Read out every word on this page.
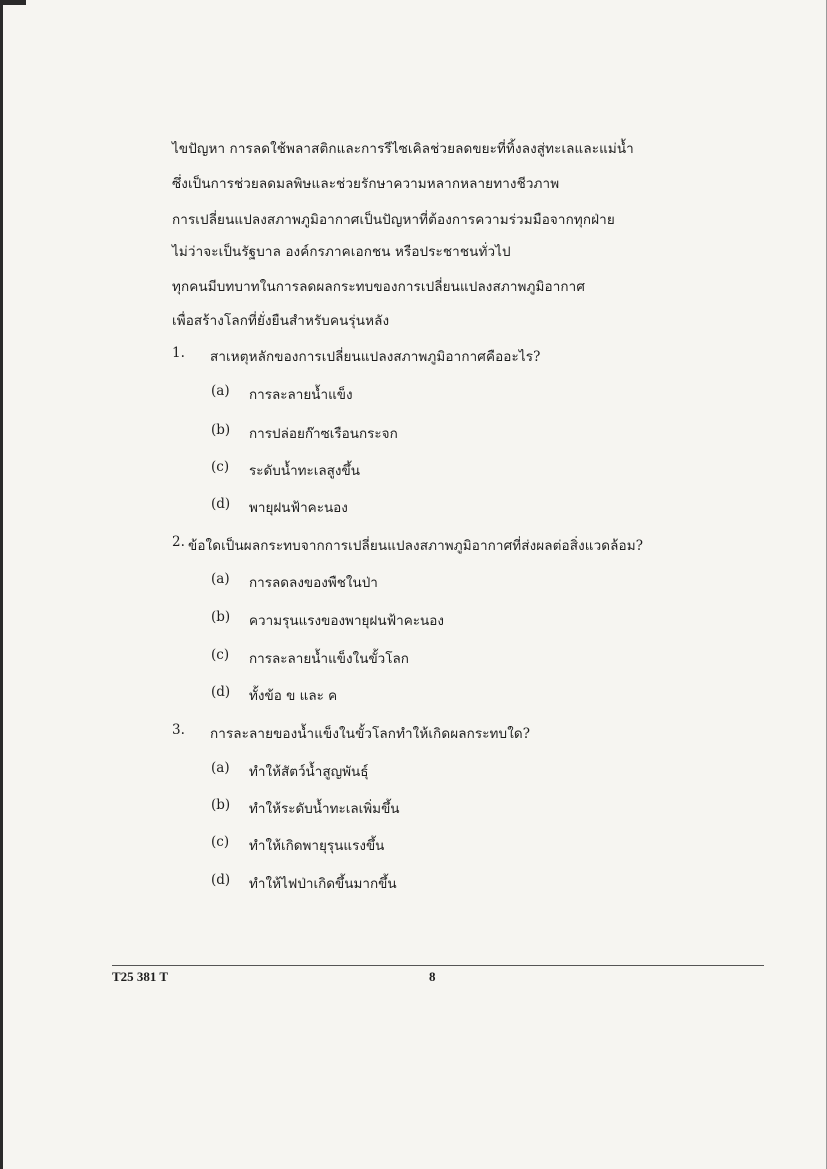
ไขปัญหา การลดใช้พลาสติกและการรีไซเคิลช่วยลดขยะที่ทิ้งลงสู่ทะเลและแม่น้ำ
ซึ่งเป็นการช่วยลดมลพิษและช่วยรักษาความหลากหลายทางชีวภาพ
การเปลี่ยนแปลงสภาพภูมิอากาศเป็นปัญหาที่ต้องการความร่วมมือจากทุกฝ่าย
ไม่ว่าจะเป็นรัฐบาล องค์กรภาคเอกชน หรือประชาชนทั่วไป
ทุกคนมีบทบาทในการลดผลกระทบของการเปลี่ยนแปลงสภาพภูมิอากาศ
เพื่อสร้างโลกที่ยั่งยืนสำหรับคนรุ่นหลัง
1. สาเหตุหลักของการเปลี่ยนแปลงสภาพภูมิอากาศคืออะไร?
(a) การละลายน้ำแข็ง
(b) การปล่อยก๊าซเรือนกระจก
(c) ระดับน้ำทะเลสูงขึ้น
(d) พายุฝนฟ้าคะนอง
2. ข้อใดเป็นผลกระทบจากการเปลี่ยนแปลงสภาพภูมิอากาศที่ส่งผลต่อสิ่งแวดล้อม?
(a) การลดลงของพืชในป่า
(b) ความรุนแรงของพายุฝนฟ้าคะนอง
(c) การละลายน้ำแข็งในขั้วโลก
(d) ทั้งข้อ ข และ ค
3. การละลายของน้ำแข็งในขั้วโลกทำให้เกิดผลกระทบใด?
(a) ทำให้สัตว์น้ำสูญพันธุ์
(b) ทำให้ระดับน้ำทะเลเพิ่มขึ้น
(c) ทำให้เกิดพายุรุนแรงขึ้น
(d) ทำให้ไฟป่าเกิดขึ้นมากขึ้น
T25 381 T	8
